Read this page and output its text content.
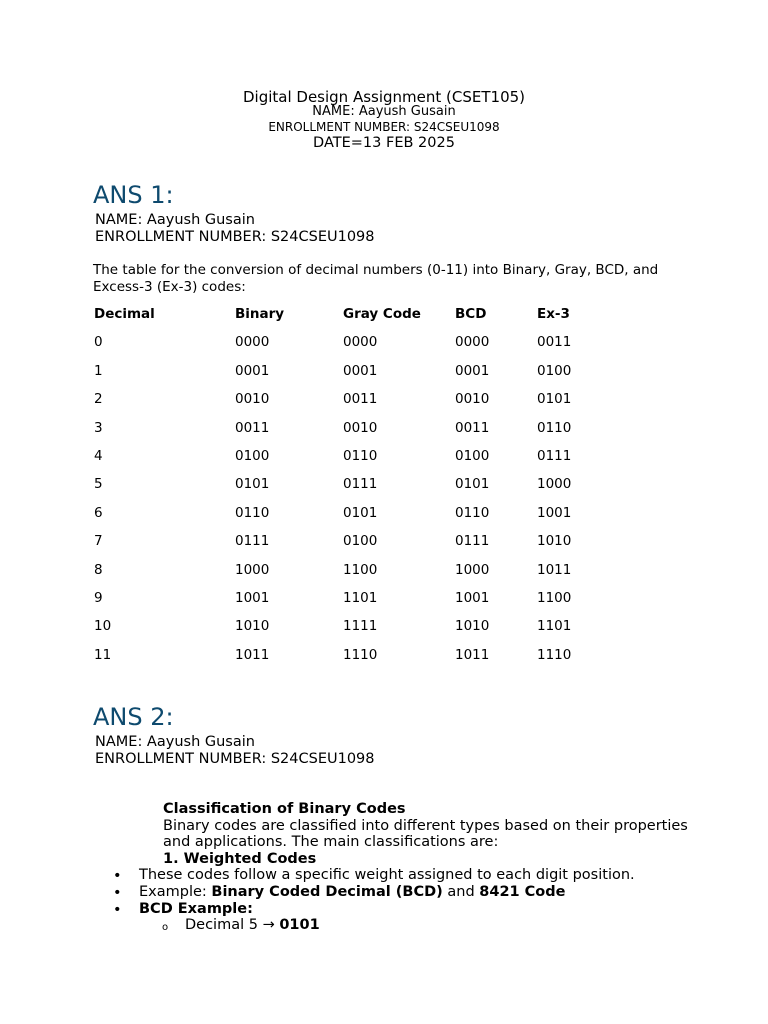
Digital Design Assignment (CSET105)
NAME: Aayush Gusain
ENROLLMENT NUMBER: S24CSEU1098
DATE=13 FEB 2025
ANS 1:
NAME: Aayush Gusain
ENROLLMENT NUMBER: S24CSEU1098
The table for the conversion of decimal numbers (0-11) into Binary, Gray, BCD, and Excess-3 (Ex-3) codes:
Decimal	Binary	Gray Code	BCD	Ex-3
0	0000	0000	0000	0011
1	0001	0001	0001	0100
2	0010	0011	0010	0101
3	0011	0010	0011	0110
4	0100	0110	0100	0111
5	0101	0111	0101	1000
6	0110	0101	0110	1001
7	0111	0100	0111	1010
8	1000	1100	1000	1011
9	1001	1101	1001	1100
10	1010	1111	1010	1101
11	1011	1110	1011	1110
ANS 2:
NAME: Aayush Gusain
ENROLLMENT NUMBER: S24CSEU1098
Classification of Binary Codes
Binary codes are classified into different types based on their properties and applications. The main classifications are:
1. Weighted Codes
• These codes follow a specific weight assigned to each digit position.
• Example: Binary Coded Decimal (BCD) and 8421 Code
• BCD Example:
o Decimal 5 → 0101
